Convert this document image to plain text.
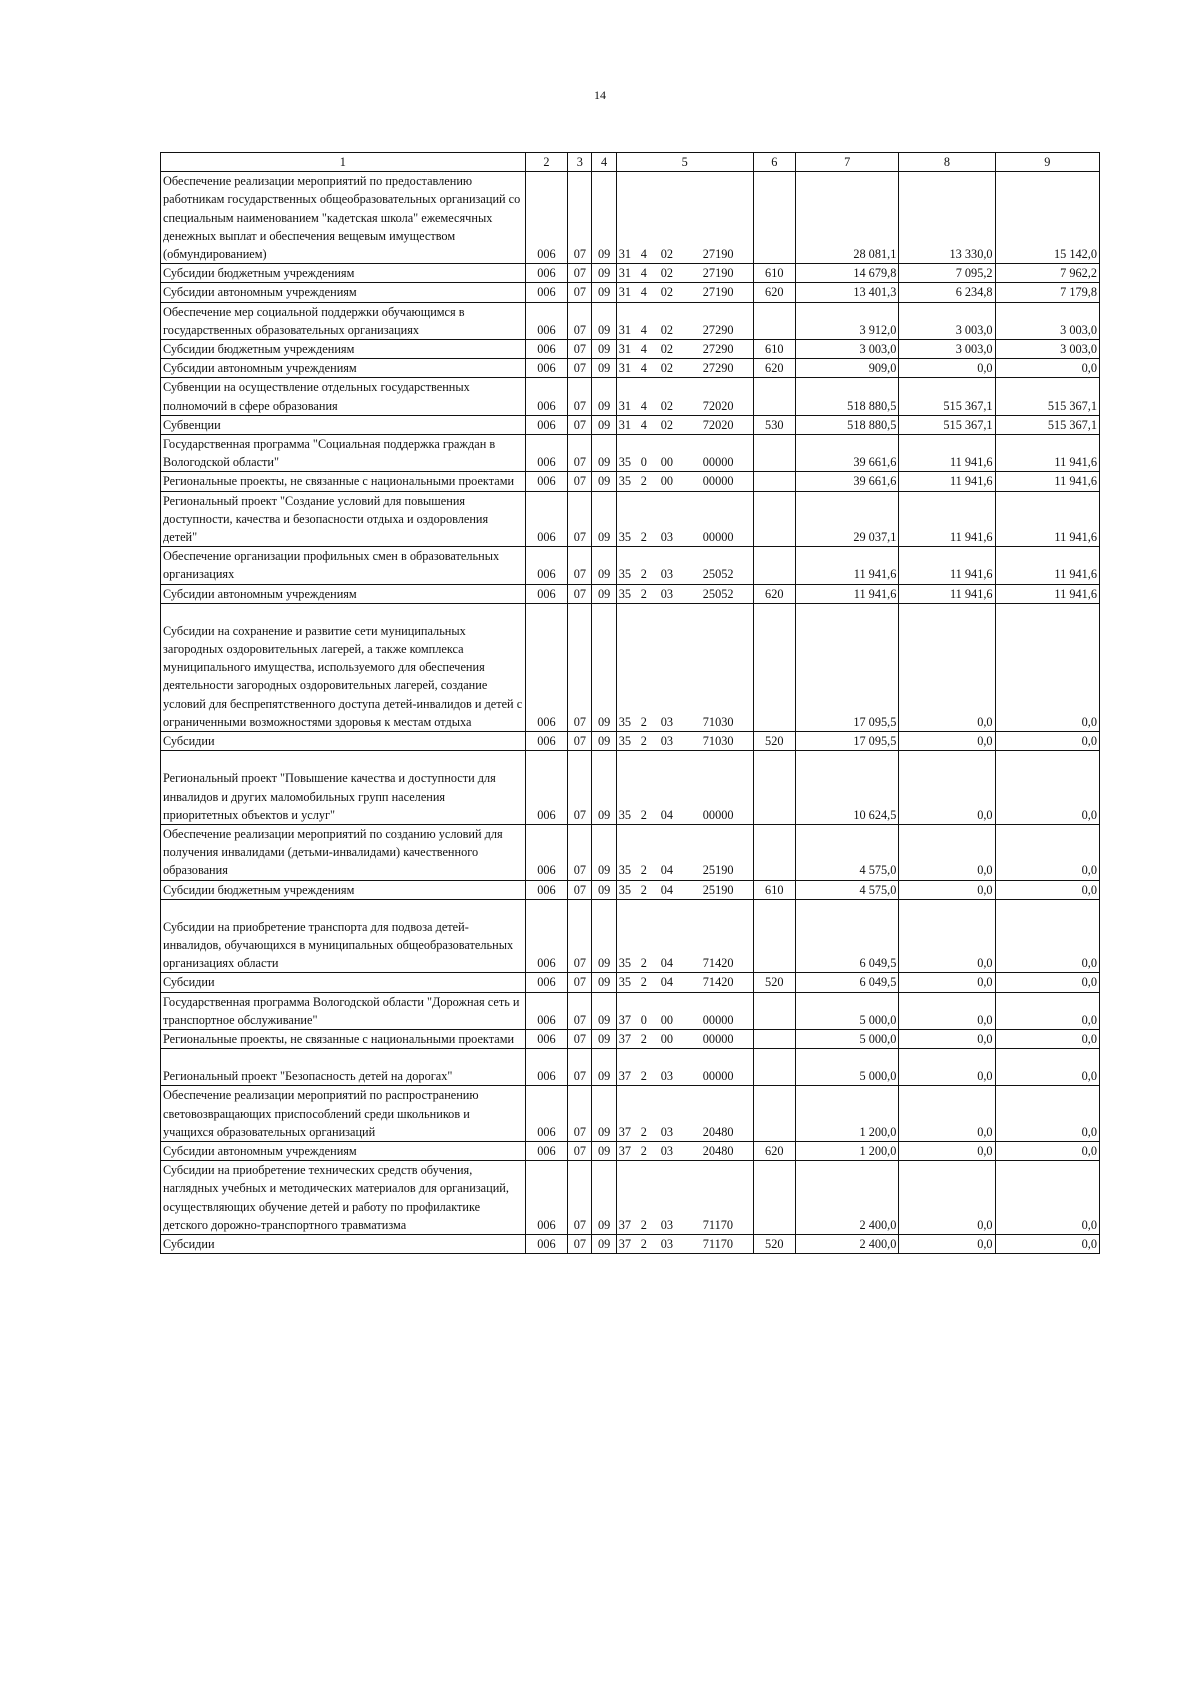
14
1	2	3	4	5	6	7	8	9
Обеспечение реализации мероприятий по предоставлению работникам государственных общеобразовательных организаций со специальным наименованием "кадетская школа" ежемесячных денежных выплат и обеспечения вещевым имуществом (обмундированием)	006	07	09	31 4 02 27190		28 081,1	13 330,0	15 142,0
Субсидии бюджетным учреждениям	006	07	09	31 4 02 27190	610	14 679,8	7 095,2	7 962,2
Субсидии автономным учреждениям	006	07	09	31 4 02 27190	620	13 401,3	6 234,8	7 179,8
Обеспечение мер социальной поддержки обучающимся в государственных образовательных организациях	006	07	09	31 4 02 27290		3 912,0	3 003,0	3 003,0
Субсидии бюджетным учреждениям	006	07	09	31 4 02 27290	610	3 003,0	3 003,0	3 003,0
Субсидии автономным учреждениям	006	07	09	31 4 02 27290	620	909,0	0,0	0,0
Субвенции на осуществление отдельных государственных полномочий в сфере образования	006	07	09	31 4 02 72020		518 880,5	515 367,1	515 367,1
Субвенции	006	07	09	31 4 02 72020	530	518 880,5	515 367,1	515 367,1
Государственная программа "Социальная поддержка граждан в Вологодской области"	006	07	09	35 0 00 00000		39 661,6	11 941,6	11 941,6
Региональные проекты, не связанные с национальными проектами	006	07	09	35 2 00 00000		39 661,6	11 941,6	11 941,6
Региональный проект "Создание условий для повышения доступности, качества и безопасности отдыха и оздоровления детей"	006	07	09	35 2 03 00000		29 037,1	11 941,6	11 941,6
Обеспечение организации профильных смен в образовательных организациях	006	07	09	35 2 03 25052		11 941,6	11 941,6	11 941,6
Субсидии автономным учреждениям	006	07	09	35 2 03 25052	620	11 941,6	11 941,6	11 941,6
Субсидии на сохранение и развитие сети муниципальных загородных оздоровительных лагерей, а также комплекса муниципального имущества, используемого для обеспечения деятельности загородных оздоровительных лагерей, создание условий для беспрепятственного доступа детей-инвалидов и детей с ограниченными возможностями здоровья к местам отдыха	006	07	09	35 2 03 71030		17 095,5	0,0	0,0
Субсидии	006	07	09	35 2 03 71030	520	17 095,5	0,0	0,0
Региональный проект "Повышение качества и доступности для инвалидов и других маломобильных групп населения приоритетных объектов и услуг"	006	07	09	35 2 04 00000		10 624,5	0,0	0,0
Обеспечение реализации мероприятий по созданию условий для получения инвалидами (детьми-инвалидами) качественного образования	006	07	09	35 2 04 25190		4 575,0	0,0	0,0
Субсидии бюджетным учреждениям	006	07	09	35 2 04 25190	610	4 575,0	0,0	0,0
Субсидии на приобретение транспорта для подвоза детей-инвалидов, обучающихся в муниципальных общеобразовательных организациях области	006	07	09	35 2 04 71420		6 049,5	0,0	0,0
Субсидии	006	07	09	35 2 04 71420	520	6 049,5	0,0	0,0
Государственная программа Вологодской области "Дорожная сеть и транспортное обслуживание"	006	07	09	37 0 00 00000		5 000,0	0,0	0,0
Региональные проекты, не связанные с национальными проектами	006	07	09	37 2 00 00000		5 000,0	0,0	0,0
Региональный проект "Безопасность детей на дорогах"	006	07	09	37 2 03 00000		5 000,0	0,0	0,0
Обеспечение реализации мероприятий по распространению световозвращающих приспособлений среди школьников и учащихся образовательных организаций	006	07	09	37 2 03 20480		1 200,0	0,0	0,0
Субсидии автономным учреждениям	006	07	09	37 2 03 20480	620	1 200,0	0,0	0,0
Субсидии на приобретение технических средств обучения, наглядных учебных и методических материалов для организаций, осуществляющих обучение детей и работу по профилактике детского дорожно-транспортного травматизма	006	07	09	37 2 03 71170		2 400,0	0,0	0,0
Субсидии	006	07	09	37 2 03 71170	520	2 400,0	0,0	0,0
